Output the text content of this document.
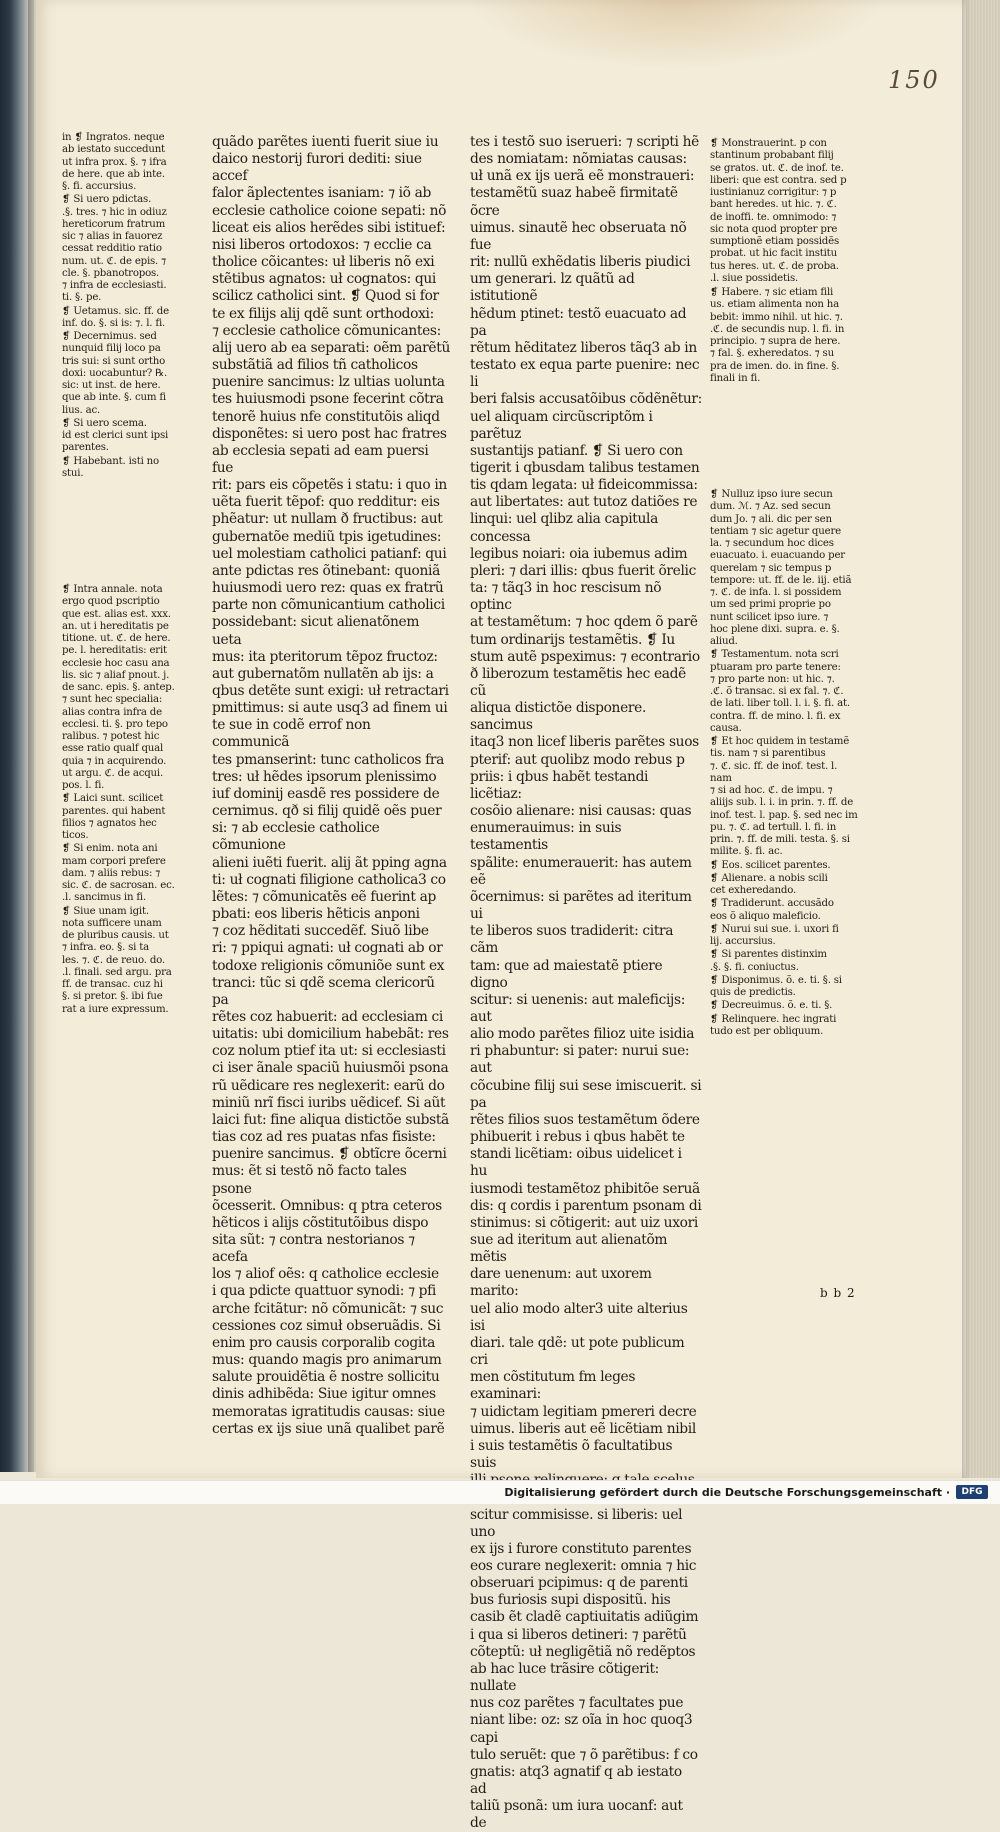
150

in ❡ Ingratos. neque
ab iestato succedunt
ut infra prox. §. ⁊ ifra
de here. que ab inte.
§. fi. accursius.

❡ Si uero pdictas.
.§. tres. ⁊ hic in odiuz
hereticorum fratrum
sic ⁊ alias in fauorez
cessat redditio ratio
num. ut. ℭ. de epis. ⁊
cle. §. pbanotropos.
⁊ infra de ecclesiasti.
ti. §. pe.

❡ Uetamus. sic. ff. de
inf. do. §. si is: ⁊. l. fi.

❡ Decernimus. sed
nunquid filij loco pa
tris sui: si sunt ortho
doxi: uocabuntur? ℞.
sic: ut inst. de here.
que ab inte. §. cum fi
lius. ac.

❡ Si uero scema.
id est clerici sunt ipsi
parentes.

❡ Habebant. isti no
stui.

❡ Intra annale. nota
ergo quod pscriptio
que est. alias est. xxx.
an. ut i hereditatis pe
titione. ut. ℭ. de here.
pe. l. hereditatis: erit
ecclesie hoc casu ana
lis. sic ⁊ aliaf pnout. j.
de sanc. epis. §. antep.
⁊ sunt hec specialia:
alias contra infra de
ecclesi. ti. §. pro tepo
ralibus. ⁊ potest hic
esse ratio qualf qual
quia ⁊ in acquirendo.
ut argu. ℭ. de acqui.
pos. l. fi.

❡ Laici sunt. scilicet
parentes. qui habent
filios ⁊ agnatos hec
ticos.

❡ Si enim. nota ani
mam corpori prefere
dam. ⁊ aliis rebus: ⁊
sic. ℭ. de sacrosan. ec.
.l. sancimus in fi.

❡ Siue unam igit.
nota sufficere unam
de pluribus causis. ut
⁊ infra. eo. §. si ta
les. ⁊. ℭ. de reuo. do.
.l. finali. sed argu. pra
ff. de transac. cuz hi
§. si pretor. §. ibi fue
rat a iure expressum.

quãdo parẽtes iuenti fuerit siue iu
daico nestorij furori dediti: siue accef
falor ãplectentes isaniam: ⁊ iõ ab
ecclesie catholice coione sepati: nõ
liceat eis alios herẽdes sibi istituef:
nisi liberos ortodoxos: ⁊ ecclie ca
tholice cõicantes: uł liberis nõ exi
stẽtibus agnatos: uł cognatos: qui
scilicz catholici sint. ❡ Quod si for
te ex filijs alij qdẽ sunt orthodoxi:
⁊ ecclesie catholice cõmunicantes:
alij uero ab ea separati: oẽm parẽtũ
substãtiã ad filios tñ catholicos
puenire sancimus: lz ultias uolunta
tes huiusmodi psone fecerint cõtra
tenorẽ huius nfe constitutõis aliqd
disponẽtes: si uero post hac fratres
ab ecclesia sepati ad eam puersi fue
rit: pars eis cõpetẽs i statu: i quo in
uẽta fuerit tẽpof: quo redditur: eis
phẽatur: ut nullam ð fructibus: aut
gubernatõe mediũ tpis igetudines:
uel molestiam catholici patianf: qui
ante pdictas res õtinebant: quoniã
huiusmodi uero rez: quas ex fratrũ
parte non cõmunicantium catholici
possidebant: sicut alienatõnem ueta
mus: ita pteritorum tẽpoz fructoz:
aut gubernatõm nullatẽn ab ijs: a
qbus detẽte sunt exigi: uł retractari
pmittimus: si aute usq3 ad finem ui
te sue in codẽ errof non communicã
tes pmanserint: tunc catholicos fra
tres: uł hẽdes ipsorum plenissimo
iuf dominij easdẽ res possidere de
cernimus. qð si filij quidẽ oẽs puer
si: ⁊ ab ecclesie catholice cõmunione
alieni iuẽti fuerit. alij ãt pping agna
ti: uł cognati filigione catholica3 co
lẽtes: ⁊ cõmunicatẽs eẽ fuerint ap
pbati: eos liberis hẽticis anponi
⁊ coz hẽditati succedẽf. Siuõ libe
ri: ⁊ ppiqui agnati: uł cognati ab or
todoxe religionis cõmuniõe sunt ex
tranci: tũc si qdẽ scema clericorũ pa
rẽtes coz habuerit: ad ecclesiam ci
uitatis: ubi domicilium habebãt: res
coz nolum ptief ita ut: si ecclesiasti
ci iser ãnale spaciũ huiusmõi psona
rũ uẽdicare res neglexerit: earũ do
miniũ nrĩ fisci iuribs uẽdicef. Si aũt
laici fut: fine aliqua distictõe substã
tias coz ad res puatas nfas fisiste:
puenire sancimus. ❡ obtĩcre õcerni
mus: ẽt si testõ nõ facto tales psone
õcesserit. Omnibus: q ptra ceteros
hẽticos i alijs cõstitutõibus dispo
sita sũt: ⁊ contra nestorianos ⁊ acefa
los ⁊ aliof oẽs: q catholice ecclesie
i qua pdicte quattuor synodi: ⁊ pfi
arche fcitãtur: nõ cõmunicãt: ⁊ suc
cessiones coz simuł obseruãdis. Si
enim pro causis corporalib cogita
mus: quando magis pro animarum
salute prouidẽtia ẽ nostre sollicitu
dinis adhibẽda: Siue igitur omnes
memoratas igratitudis causas: siue
certas ex ijs siue unã qualibet parẽ

tes i testõ suo iserueri: ⁊ scripti hẽ
des nomiatam: nõmiatas causas:
uł unã ex ijs uerã eẽ monstraueri:
testamẽtũ suaz habeẽ firmitatẽ õcre
uimus. sinautẽ hec obseruata nõ fue
rit: nullũ exhẽdatis liberis piudici
um generari. lz quãtũ ad istitutionẽ
hẽdum ptinet: testõ euacuato ad pa
rẽtum hẽditatez liberos tãq3 ab in
testato ex equa parte puenire: nec li
beri falsis accusatõibus cõdẽnẽtur:
uel aliquam circũscriptõm i parẽtuz
sustantijs patianf. ❡ Si uero con
tigerit i qbusdam talibus testamen
tis qdam legata: uł fideicommissa:
aut libertates: aut tutoz datiões re
linqui: uel qlibz alia capitula concessa
legibus noiari: oia iubemus adim
pleri: ⁊ dari illis: qbus fuerit õrelic
ta: ⁊ tãq3 in hoc rescisum nõ optinc
at testamẽtum: ⁊ hoc qdem õ parẽ
tum ordinarijs testamẽtis. ❡ Iu
stum autẽ pspeximus: ⁊ econtrario
ð liberozum testamẽtis hec eadẽ cũ
aliqua distictõe disponere. sancimus
itaq3 non licef liberis parẽtes suos
pterif: aut quolibz modo rebus p
priis: i qbus habẽt testandi licẽtiaz:
cosõio alienare: nisi causas: quas
enumerauimus: in suis testamentis
spãlite: enumerauerit: has autem eẽ
õcernimus: si parẽtes ad iteritum ui
te liberos suos tradiderit: citra cãm
tam: que ad maiestatẽ ptiere digno
scitur: si uenenis: aut maleficijs: aut
alio modo parẽtes filioz uite isidia
ri phabuntur: si pater: nurui sue: aut
cõcubine filij sui sese imiscuerit. si pa
rẽtes filios suos testamẽtum õdere
phibuerit i rebus i qbus habẽt te
standi licẽtiam: oibus uidelicet i hu
iusmodi testamẽtoz phibitõe seruã
dis: q cordis i parentum psonam di
stinimus: si cõtigerit: aut uiz uxori
sue ad iteritum aut alienatõm mẽtis
dare uenenum: aut uxorem marito:
uel alio modo alter3 uite alterius isi
diari. tale qdẽ: ut pote publicum cri
men cõstitutum fm leges examinari:
⁊ uidictam legitiam pmereri decre
uimus. liberis aut eẽ licẽtiam nibil
i suis testamẽtis õ facultatibus suis

scitur commisisse. si liberis: uel uno
ex ijs i furore constituto parentes
eos curare neglexerit: omnia ⁊ hic
obseruari pcipimus: q de parenti
bus furiosis supi dispositũ. his
casib ẽt cladẽ captiuitatis adiũgim
i qua si liberos detineri: ⁊ parẽtũ
cõteptũ: uł negligẽtiã nõ redẽptos
ab hac luce trãsire cõtigerit: nullate
nus coz parẽtes ⁊ facultates pue
niant libe: oz: sz oĩa in hoc quoq3 capi
tulo seruẽt: que ⁊ õ parẽtibus: f co
gnatis: atq3 agnatif q ab iestato ad
taliũ psonã: um iura uocanf: aut de

❡ Monstrauerint. p con
stantinum probabant filij
se gratos. ut. ℭ. de inof. te.
liberi: que est contra. sed p
iustinianuz corrigitur: ⁊ p
bant heredes. ut hic. ⁊. ℭ.
de inoffi. te. omnimodo: ⁊
sic nota quod propter pre
sumptionẽ etiam possidẽs
probat. ut hic facit institu
tus heres. ut. ℭ. de proba.
.l. siue possidetis.

❡ Habere. ⁊ sic etiam fili
us. etiam alimenta non ha
bebit: immo nihil. ut hic. ⁊.
.ℭ. de secundis nup. l. fi. in
principio. ⁊ supra de here.
⁊ fal. §. exheredatos. ⁊ su
pra de imen. do. in fine. §.
finali in fi.

❡ Nulluz ipso iure secun
dum. ℳ. ⁊ Az. sed secun
dum Jo. ⁊ ali. dic per sen
tentiam ⁊ sic agetur quere
la. ⁊ secundum hoc dices
euacuato. i. euacuando per
querelam ⁊ sic tempus p
tempore: ut. ff. de le. iij. etiã
⁊. ℭ. de infa. l. si possidem
um sed primi proprie po
nunt scilicet ipso iure. ⁊
hoc plene dixi. supra. e. §.
aliud.

❡ Testamentum. nota scri
ptuaram pro parte tenere:
⁊ pro parte non: ut hic. ⁊.
.ℭ. õ transac. si ex fal. ⁊. ℭ.
de lati. liber toll. l. i. §. fi. at.
contra. ff. de mino. l. fi. ex
causa.

❡ Et hoc quidem in testamẽ
tis. nam ⁊ si parentibus
⁊. ℭ. sic. ff. de inof. test. l. nam
⁊ si ad hoc. ℭ. de impu. ⁊
aliijs sub. l. i. in prin. ⁊. ff. de
inof. test. l. pap. §. sed nec im
pu. ⁊. ℭ. ad tertull. l. fi. in
prin. ⁊. ff. de mili. testa. §. si
milite. §. fi. ac.

❡ Eos. scilicet parentes.

❡ Alienare. a nobis scili
cet exheredando.

❡ Tradiderunt. accusãdo
eos õ aliquo maleficio.

❡ Nurui sui sue. i. uxori fi
lij. accursius.

❡ Si parentes distinxim
.§. §. fi. coniuctus.

❡ Disponimus. õ. e. ti. §. si
quis de predictis.

❡ Decreuimus. õ. e. ti. §.

❡ Relinquere. hec ingrati
tudo est per obliquum.

b b 2
Digitalisierung gefördert durch die Deutsche Forschungsgemeinschaft ·	DFG
